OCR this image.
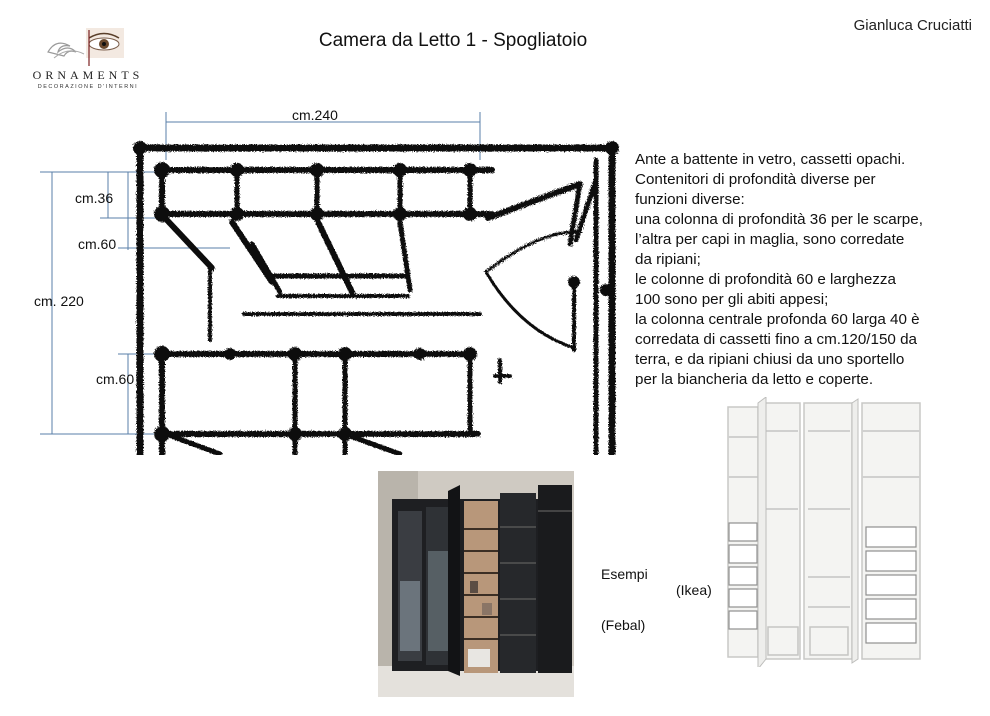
Camera da Letto 1 - Spogliatoio
Gianluca Cruciatti
ORNAMENTS
DECORAZIONE D'INTERNI
cm.240
cm.36
cm.60
cm. 220
cm.60
Ante a battente in vetro, cassetti opachi.
Contenitori di profondità diverse per
funzioni diverse:
una colonna di profondità 36 per le scarpe,
l’altra per capi in maglia, sono corredate
da ripiani;
le colonne di profondità 60 e larghezza
100 sono per gli abiti appesi;
la colonna centrale profonda 60 larga 40 è
corredata di cassetti fino a cm.120/150 da
terra, e da ripiani chiusi da uno sportello
per la biancheria da letto e coperte.
Esempi
(Ikea)
(Febal)
